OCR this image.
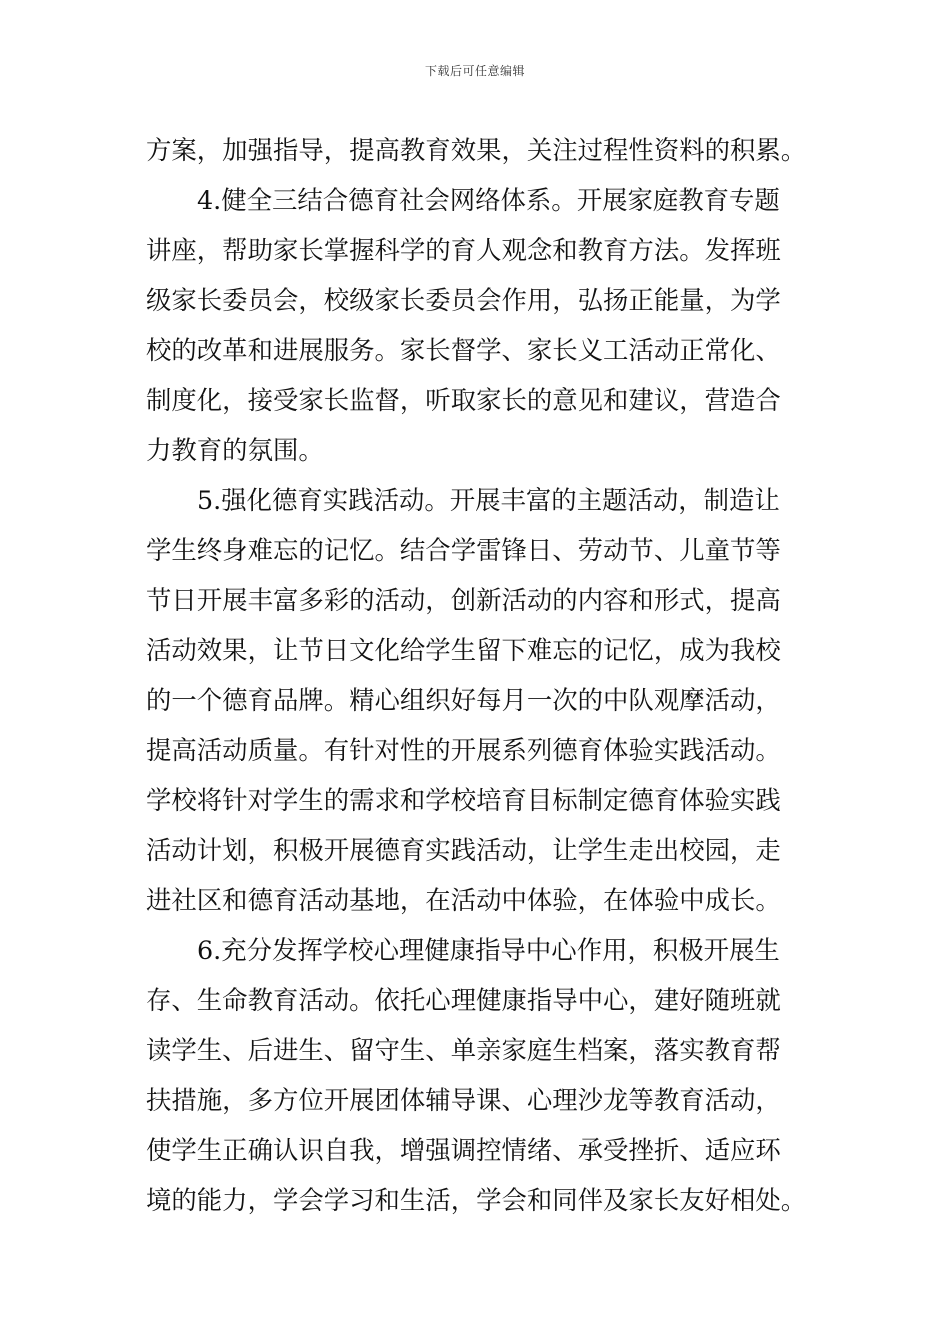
下载后可任意编辑
方案，加强指导，提高教育效果，关注过程性资料的积累。
4.健全三结合德育社会网络体系。开展家庭教育专题
讲座，帮助家长掌握科学的育人观念和教育方法。发挥班
级家长委员会，校级家长委员会作用，弘扬正能量，为学
校的改革和进展服务。家长督学、家长义工活动正常化、
制度化，接受家长监督，听取家长的意见和建议，营造合
力教育的氛围。
5.强化德育实践活动。开展丰富的主题活动，制造让
学生终身难忘的记忆。结合学雷锋日、劳动节、儿童节等
节日开展丰富多彩的活动，创新活动的内容和形式，提高
活动效果，让节日文化给学生留下难忘的记忆，成为我校
的一个德育品牌。精心组织好每月一次的中队观摩活动，
提高活动质量。有针对性的开展系列德育体验实践活动。
学校将针对学生的需求和学校培育目标制定德育体验实践
活动计划，积极开展德育实践活动，让学生走出校园，走
进社区和德育活动基地，在活动中体验，在体验中成长。
6.充分发挥学校心理健康指导中心作用，积极开展生
存、生命教育活动。依托心理健康指导中心，建好随班就
读学生、后进生、留守生、单亲家庭生档案，落实教育帮
扶措施，多方位开展团体辅导课、心理沙龙等教育活动，
使学生正确认识自我，增强调控情绪、承受挫折、适应环
境的能力，学会学习和生活，学会和同伴及家长友好相处。
